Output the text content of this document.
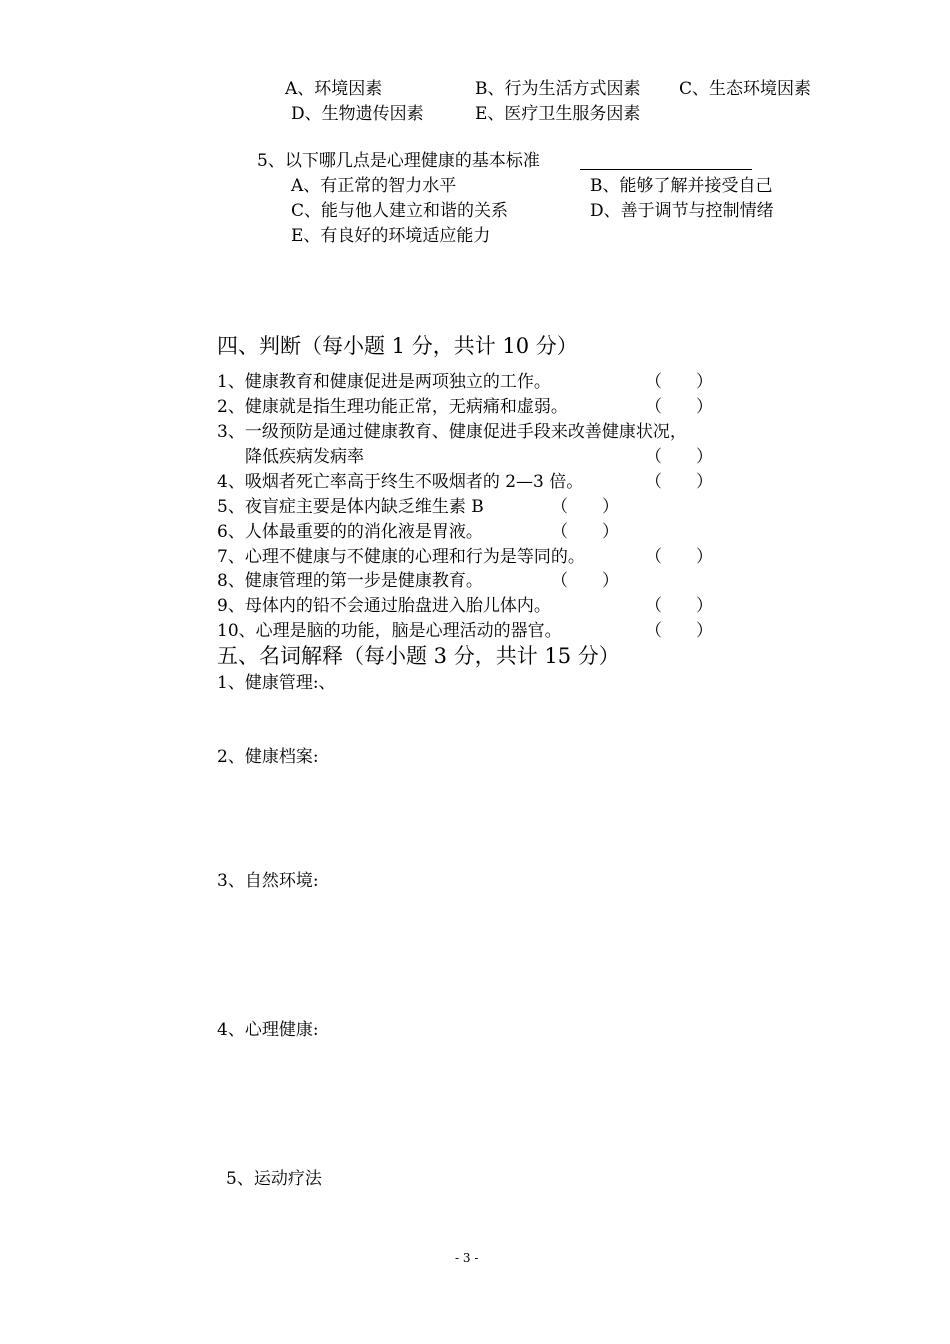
A、环境因素	B、行为生活方式因素 C、生态环境因素
D、生物遗传因素	E、医疗卫生服务因素
5、以下哪几点是心理健康的基本标准
A、有正常的智力水平	B、能够了解并接受自己
C、能与他人建立和谐的关系	D、善于调节与控制情绪
E、有良好的环境适应能力
四、判断（每小题 1 分，共计 10 分）
1、健康教育和健康促进是两项独立的工作。	（　　）
2、健康就是指生理功能正常，无病痛和虚弱。	（　　）
3、一级预防是通过健康教育、健康促进手段来改善健康状况，
降低疾病发病率	（　　）
4、吸烟者死亡率高于终生不吸烟者的 2—3 倍。	（　　）
5、夜盲症主要是体内缺乏维生素 B	（　　）
6、人体最重要的的消化液是胃液。	（　　）
7、心理不健康与不健康的心理和行为是等同的。	（　　）
8、健康管理的第一步是健康教育。	（　　）
9、母体内的铅不会通过胎盘进入胎儿体内。	（　　）
10、心理是脑的功能，脑是心理活动的器官。	（　　）
五、名词解释（每小题 3 分，共计 15 分）
1、健康管理:、
2、健康档案:
3、自然环境:
4、心理健康:
5、运动疗法
- 3 -
